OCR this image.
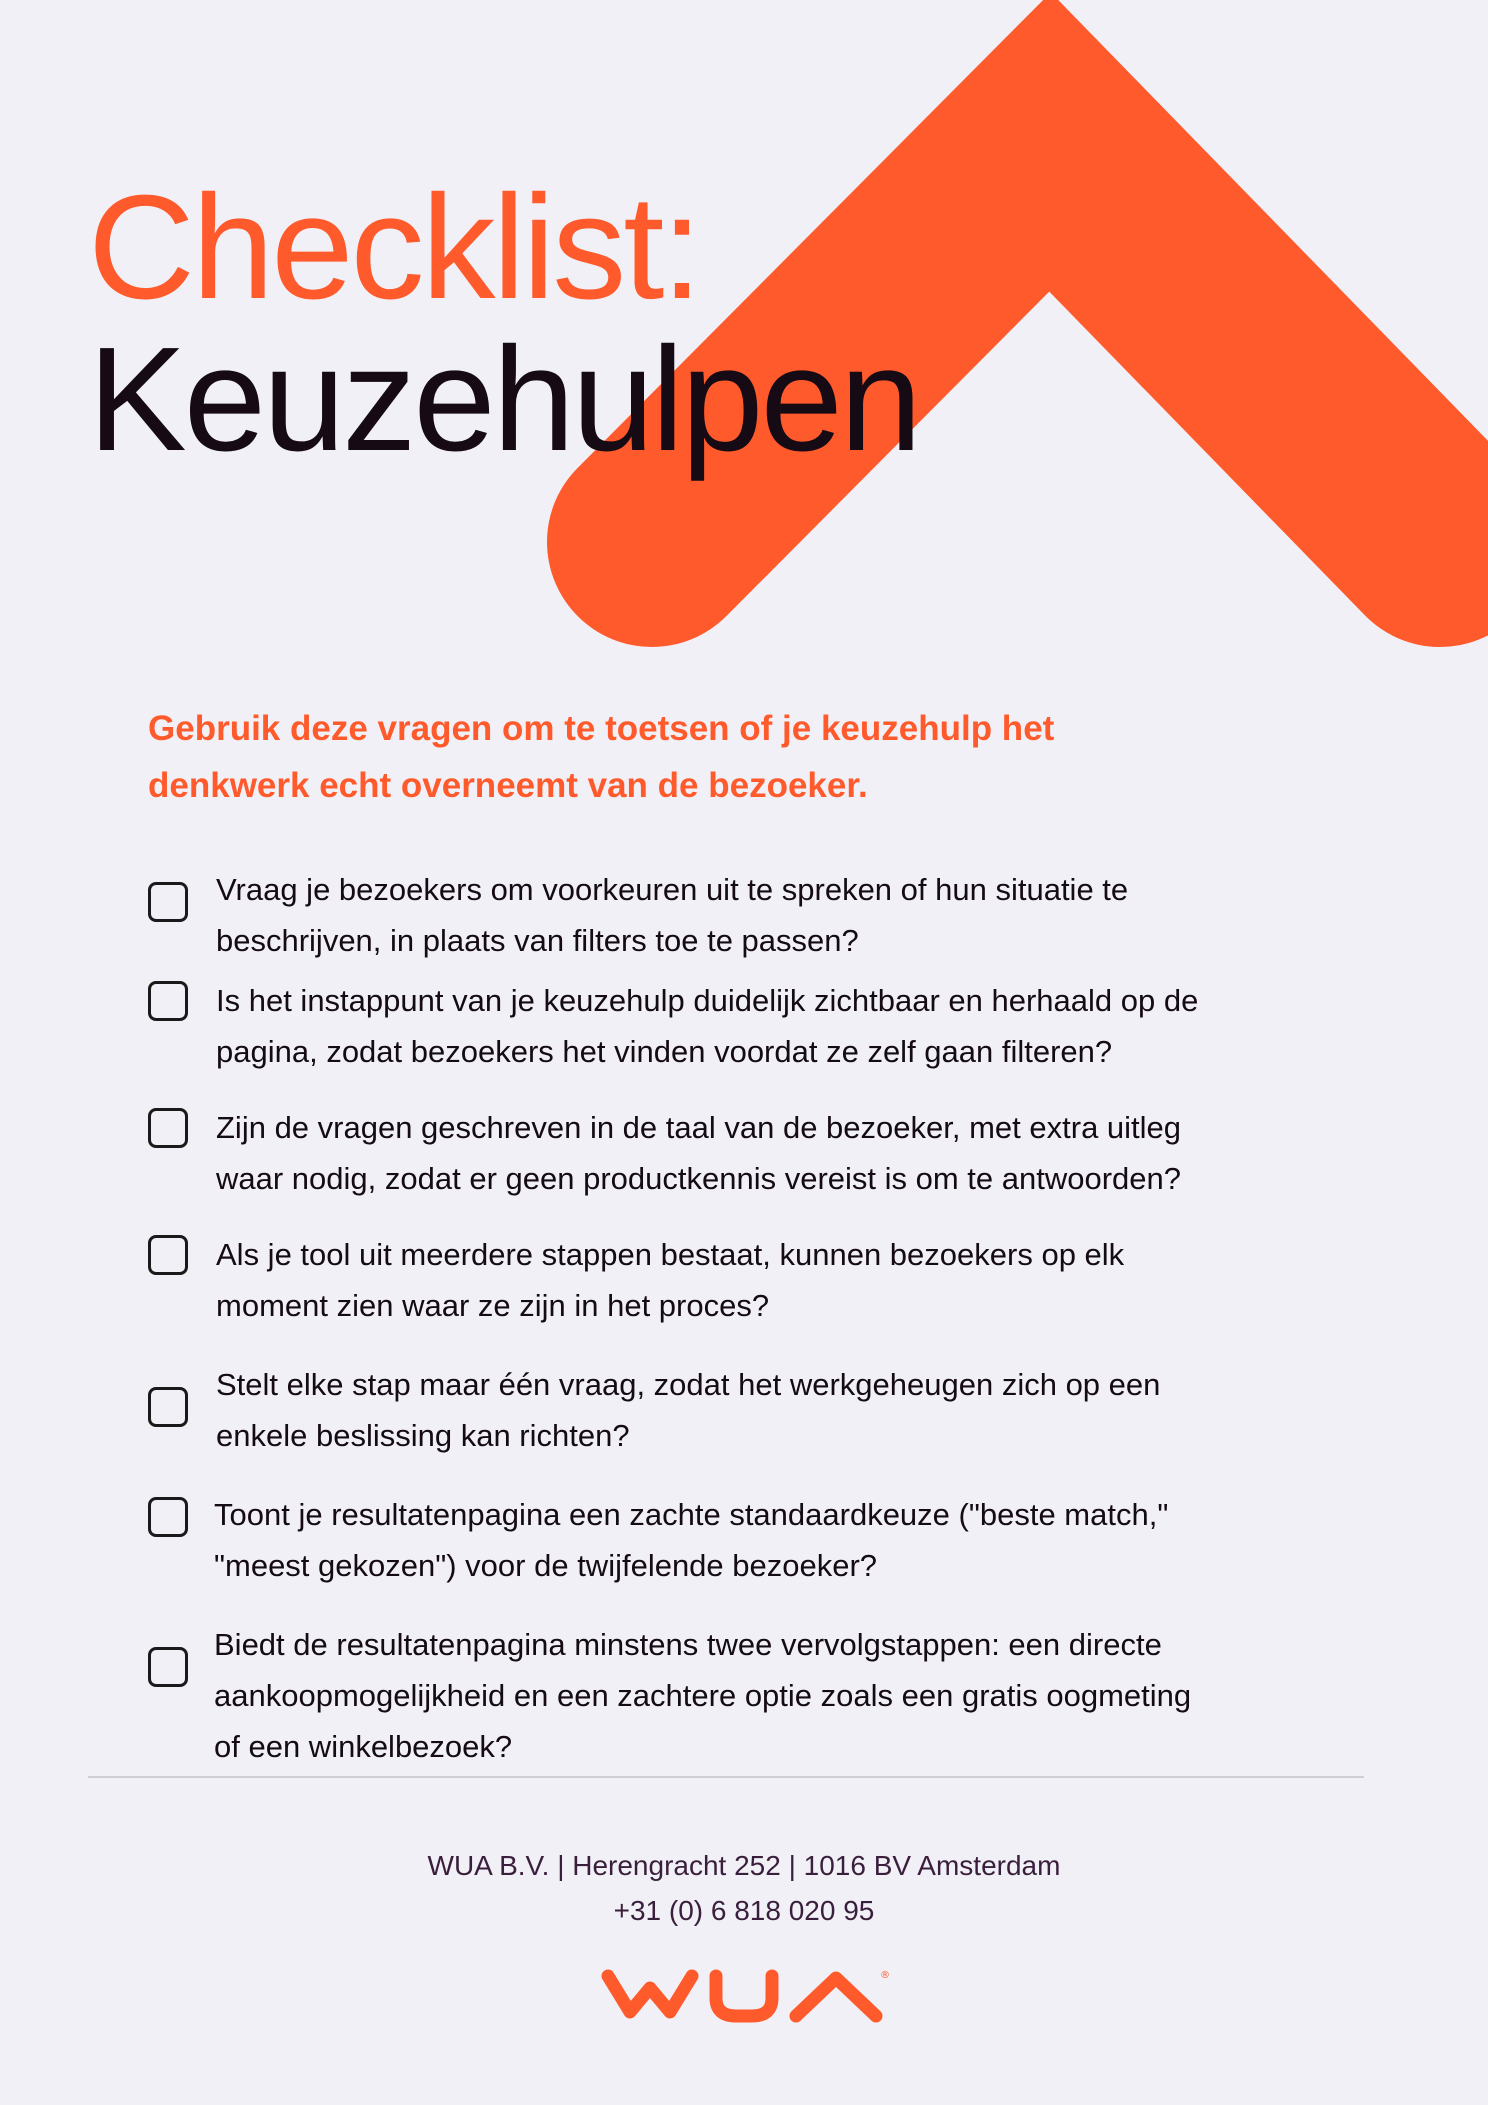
Checklist:
Keuzehulpen

Gebruik deze vragen om te toetsen of je keuzehulp het
denkwerk echt overneemt van de bezoeker.

Vraag je bezoekers om voorkeuren uit te spreken of hun situatie te
beschrijven, in plaats van filters toe te passen?
Is het instappunt van je keuzehulp duidelijk zichtbaar en herhaald op de
pagina, zodat bezoekers het vinden voordat ze zelf gaan filteren?
Zijn de vragen geschreven in de taal van de bezoeker, met extra uitleg
waar nodig, zodat er geen productkennis vereist is om te antwoorden?
Als je tool uit meerdere stappen bestaat, kunnen bezoekers op elk
moment zien waar ze zijn in het proces?
Stelt elke stap maar één vraag, zodat het werkgeheugen zich op een
enkele beslissing kan richten?
Toont je resultatenpagina een zachte standaardkeuze ("beste match,"
"meest gekozen") voor de twijfelende bezoeker?
Biedt de resultatenpagina minstens twee vervolgstappen: een directe
aankoopmogelijkheid en een zachtere optie zoals een gratis oogmeting
of een winkelbezoek?
WUA B.V. | Herengracht 252 | 1016 BV Amsterdam
+31 (0) 6 818 020 95
®
